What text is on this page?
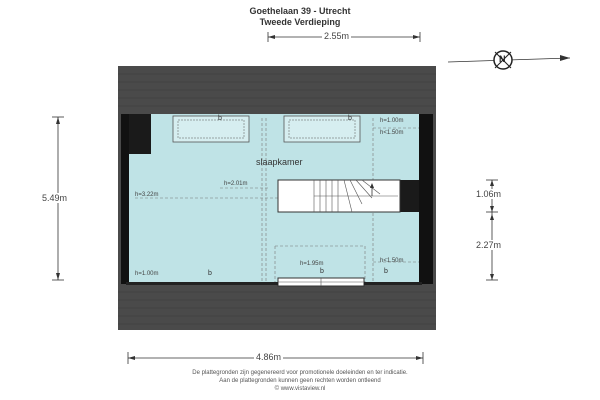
Goethelaan 39 - Utrecht
Tweede Verdieping
2.55m
5.49m	1.06m
2.27m
4.86m
N
slaapkamer
h=1.00m
h<1.50m
h=3.22m
h=2.01m
h=1.00m
h=1.95m	h<1.50m
b	b
b	b	b
De plattegronden zijn gegenereerd voor promotionele doeleinden en ter indicatie.
Aan de plattegronden kunnen geen rechten worden ontleend
© www.vistaview.nl
